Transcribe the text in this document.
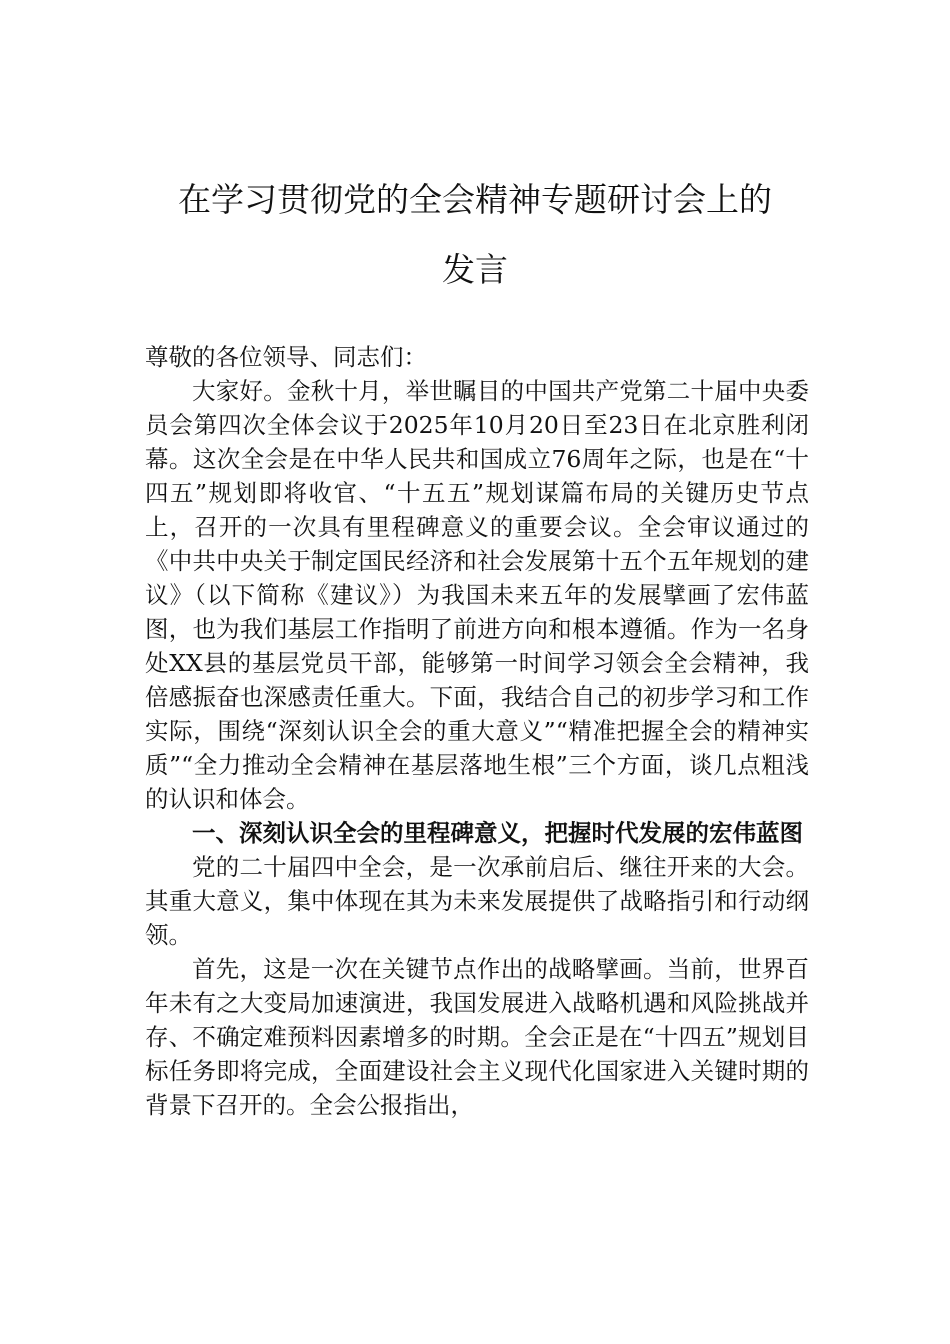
在学习贯彻党的全会精神专题研讨会上的
发言

尊敬的各位领导、同志们：

大家好。金秋十月，举世瞩目的中国共产党第二十届中央委员会第四次全体会议于2025年10月20日至23日在北京胜利闭幕。这次全会是在中华人民共和国成立76周年之际，也是在“十四五”规划即将收官、“十五五”规划谋篇布局的关键历史节点上，召开的一次具有里程碑意义的重要会议。全会审议通过的《中共中央关于制定国民经济和社会发展第十五个五年规划的建议》（以下简称《建议》）为我国未来五年的发展擘画了宏伟蓝图，也为我们基层工作指明了前进方向和根本遵循。作为一名身处XX县的基层党员干部，能够第一时间学习领会全会精神，我倍感振奋也深感责任重大。下面，我结合自己的初步学习和工作实际，围绕“深刻认识全会的重大意义”“精准把握全会的精神实质”“全力推动全会精神在基层落地生根”三个方面，谈几点粗浅的认识和体会。

一、深刻认识全会的里程碑意义，把握时代发展的宏伟蓝图

党的二十届四中全会，是一次承前启后、继往开来的大会。其重大意义，集中体现在其为未来发展提供了战略指引和行动纲领。

首先，这是一次在关键节点作出的战略擘画。当前，世界百年未有之大变局加速演进，我国发展进入战略机遇和风险挑战并存、不确定难预料因素增多的时期。全会正是在“十四五”规划目标任务即将完成，全面建设社会主义现代化国家进入关键时期的背景下召开的。全会公报指出，
